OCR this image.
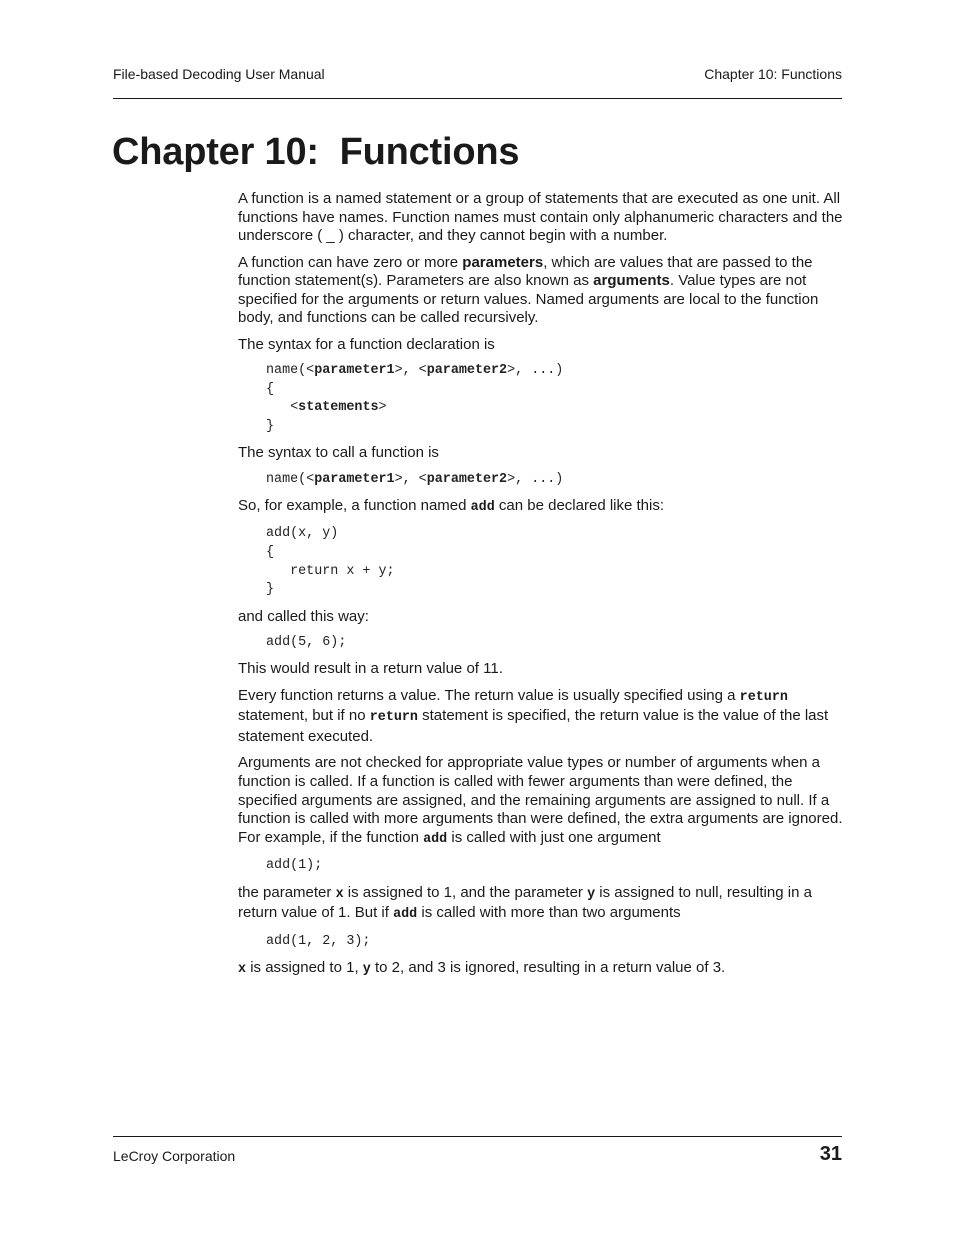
File-based Decoding User Manual	Chapter 10: Functions
Chapter 10:  Functions

A function is a named statement or a group of statements that are executed as one unit. All functions have names. Function names must contain only alphanumeric characters and the underscore ( _ ) character, and they cannot begin with a number.

A function can have zero or more parameters, which are values that are passed to the function statement(s). Parameters are also known as arguments. Value types are not specified for the arguments or return values. Named arguments are local to the function body, and functions can be called recursively.

The syntax for a function declaration is

name(<parameter1>, <parameter2>, ...)
{
<statements>
}

The syntax to call a function is

name(<parameter1>, <parameter2>, ...)

So, for example, a function named add can be declared like this:

add(x, y)
{
return x + y;
}

and called this way:

add(5, 6);

This would result in a return value of 11.

Every function returns a value. The return value is usually specified using a return statement, but if no return statement is specified, the return value is the value of the last statement executed.

Arguments are not checked for appropriate value types or number of arguments when a function is called. If a function is called with fewer arguments than were defined, the specified arguments are assigned, and the remaining arguments are assigned to null. If a function is called with more arguments than were defined, the extra arguments are ignored. For example, if the function add is called with just one argument

add(1);

the parameter x is assigned to 1, and the parameter y is assigned to null, resulting in a return value of 1. But if add is called with more than two arguments

add(1, 2, 3);

x is assigned to 1, y to 2, and 3 is ignored, resulting in a return value of 3.

LeCroy Corporation	31
